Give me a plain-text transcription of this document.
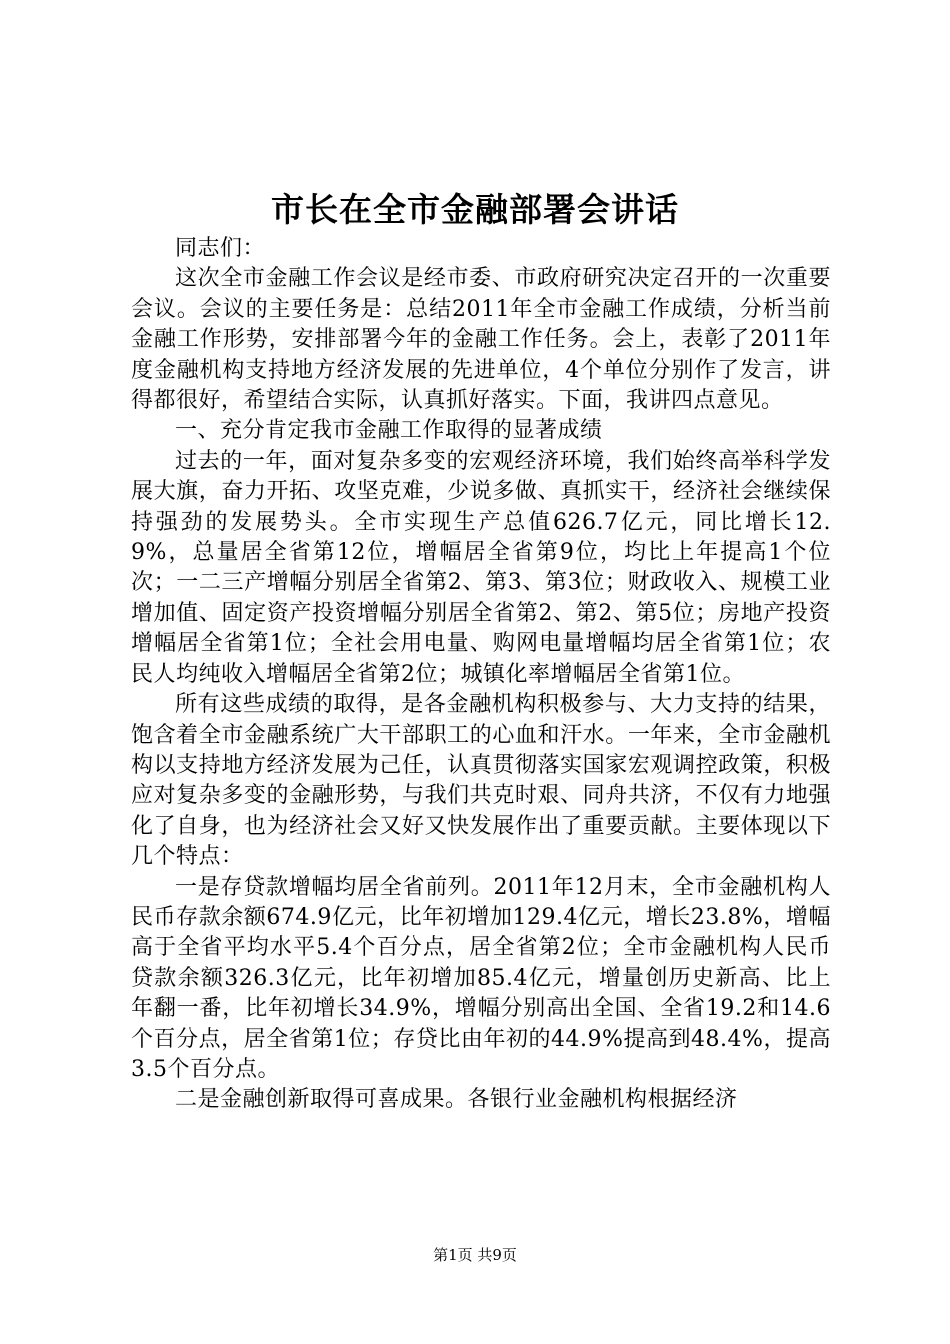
市长在全市金融部署会讲话

同志们：

这次全市金融工作会议是经市委、市政府研究决定召开的一次重要会议。会议的主要任务是：总结2011年全市金融工作成绩，分析当前金融工作形势，安排部署今年的金融工作任务。会上，表彰了2011年度金融机构支持地方经济发展的先进单位，4个单位分别作了发言，讲得都很好，希望结合实际，认真抓好落实。下面，我讲四点意见。

一、充分肯定我市金融工作取得的显著成绩

过去的一年，面对复杂多变的宏观经济环境，我们始终高举科学发展大旗，奋力开拓、攻坚克难，少说多做、真抓实干，经济社会继续保持强劲的发展势头。全市实现生产总值626.7亿元，同比增长12.9%，总量居全省第12位，增幅居全省第9位，均比上年提高1个位次；一二三产增幅分别居全省第2、第3、第3位；财政收入、规模工业增加值、固定资产投资增幅分别居全省第2、第2、第5位；房地产投资增幅居全省第1位；全社会用电量、购网电量增幅均居全省第1位；农民人均纯收入增幅居全省第2位；城镇化率增幅居全省第1位。

所有这些成绩的取得，是各金融机构积极参与、大力支持的结果，饱含着全市金融系统广大干部职工的心血和汗水。一年来，全市金融机构以支持地方经济发展为己任，认真贯彻落实国家宏观调控政策，积极应对复杂多变的金融形势，与我们共克时艰、同舟共济，不仅有力地强化了自身，也为经济社会又好又快发展作出了重要贡献。主要体现以下几个特点：

一是存贷款增幅均居全省前列。2011年12月末，全市金融机构人民币存款余额674.9亿元，比年初增加129.4亿元，增长23.8%，增幅高于全省平均水平5.4个百分点，居全省第2位；全市金融机构人民币贷款余额326.3亿元，比年初增加85.4亿元，增量创历史新高、比上年翻一番，比年初增长34.9%，增幅分别高出全国、全省19.2和14.6个百分点，居全省第1位；存贷比由年初的44.9%提高到48.4%，提高3.5个百分点。

二是金融创新取得可喜成果。各银行业金融机构根据经济

第1页 共9页
